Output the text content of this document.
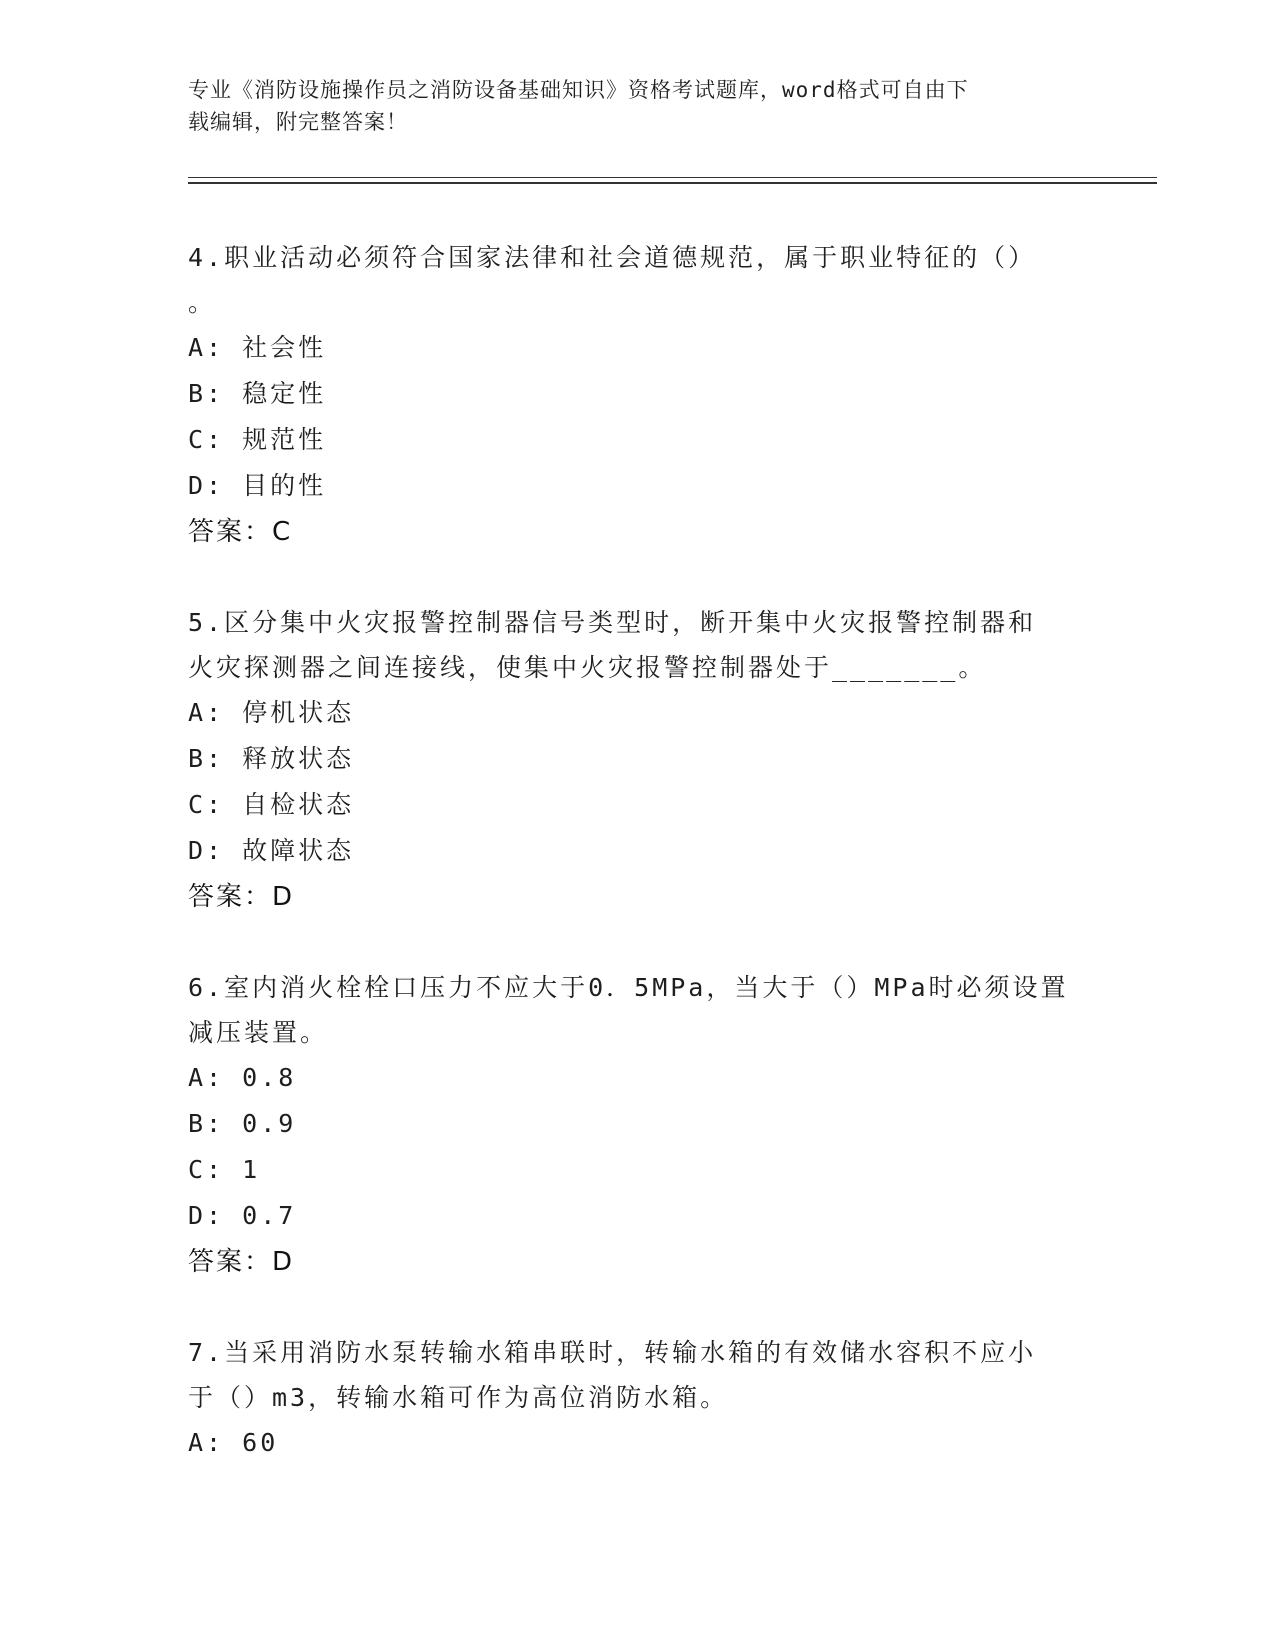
专业《消防设施操作员之消防设备基础知识》资格考试题库，word格式可自由下
载编辑，附完整答案！
4.职业活动必须符合国家法律和社会道德规范，属于职业特征的（）
。
A: 社会性
B: 稳定性
C: 规范性
D: 目的性
答案：C
5.区分集中火灾报警控制器信号类型时，断开集中火灾报警控制器和
火灾探测器之间连接线，使集中火灾报警控制器处于_______。
A: 停机状态
B: 释放状态
C: 自检状态
D: 故障状态
答案：D
6.室内消火栓栓口压力不应大于0．5MPa，当大于（）MPa时必须设置
减压装置。
A: 0.8
B: 0.9
C: 1
D: 0.7
答案：D
7.当采用消防水泵转输水箱串联时，转输水箱的有效储水容积不应小
于（）m3，转输水箱可作为高位消防水箱。
A: 60
